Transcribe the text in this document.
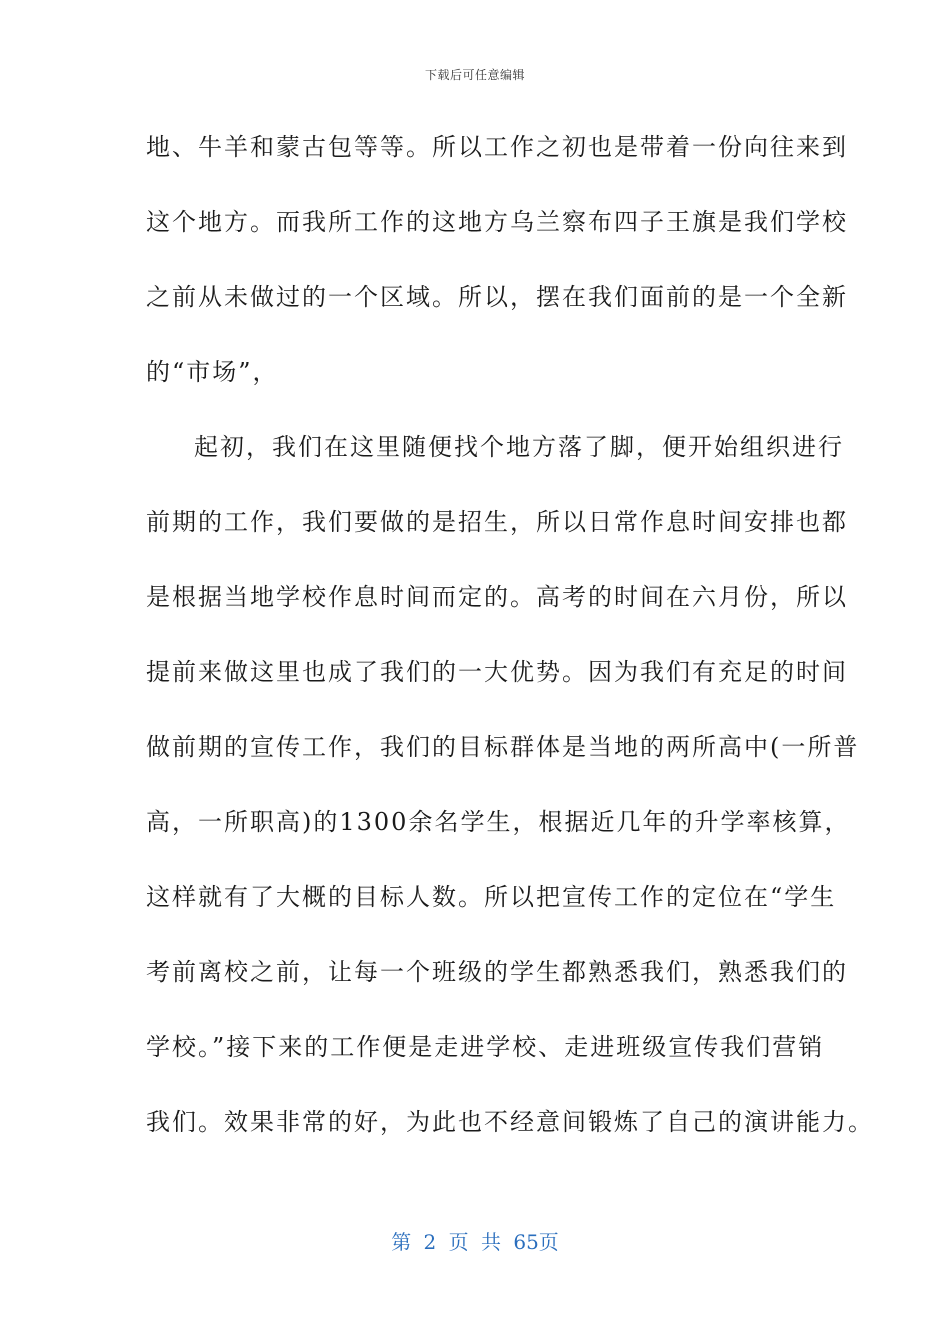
下载后可任意编辑
地、牛羊和蒙古包等等。所以工作之初也是带着一份向往来到
这个地方。而我所工作的这地方乌兰察布四子王旗是我们学校
之前从未做过的一个区域。所以，摆在我们面前的是一个全新
的“市场”，
起初，我们在这里随便找个地方落了脚，便开始组织进行
前期的工作，我们要做的是招生，所以日常作息时间安排也都
是根据当地学校作息时间而定的。高考的时间在六月份，所以
提前来做这里也成了我们的一大优势。因为我们有充足的时间
做前期的宣传工作，我们的目标群体是当地的两所高中(一所普
高，一所职高)的1300余名学生，根据近几年的升学率核算，
这样就有了大概的目标人数。所以把宣传工作的定位在“学生
考前离校之前，让每一个班级的学生都熟悉我们，熟悉我们的
学校。”接下来的工作便是走进学校、走进班级宣传我们营销
我们。效果非常的好，为此也不经意间锻炼了自己的演讲能力。
第 2 页 共 65页
